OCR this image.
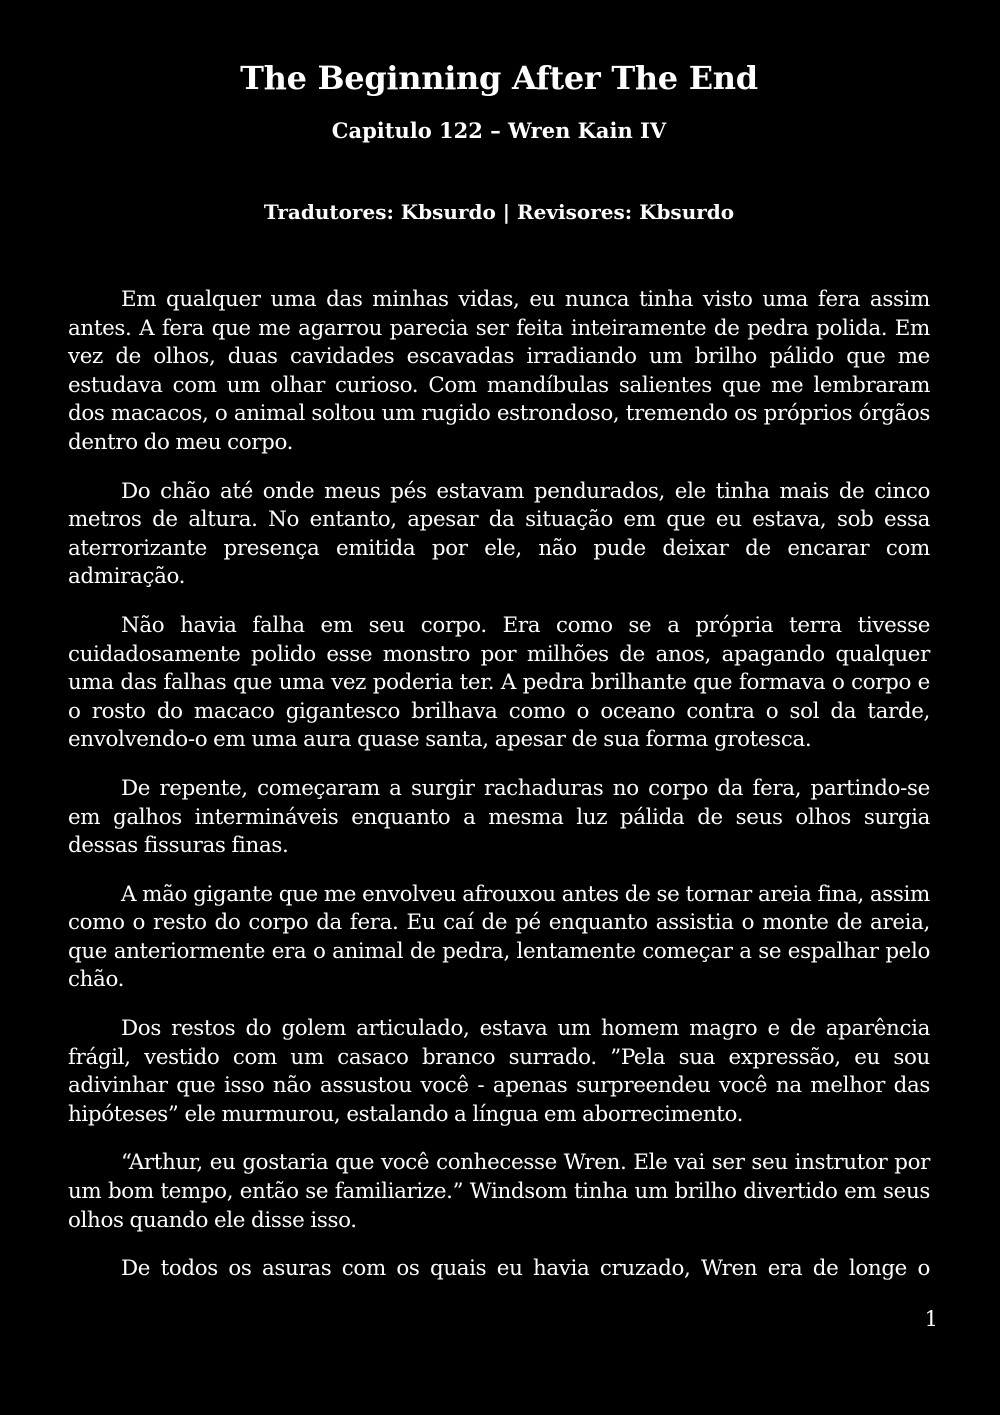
The Beginning After The End
Capitulo 122 – Wren Kain IV
Tradutores: Kbsurdo | Revisores: Kbsurdo

Em qualquer uma das minhas vidas, eu nunca tinha visto uma fera assim antes. A fera que me agarrou parecia ser feita inteiramente de pedra polida. Em vez de olhos, duas cavidades escavadas irradiando um brilho pálido que me estudava com um olhar curioso. Com mandíbulas salientes que me lembraram dos macacos, o animal soltou um rugido estrondoso, tremendo os próprios órgãos dentro do meu corpo.

Do chão até onde meus pés estavam pendurados, ele tinha mais de cinco metros de altura. No entanto, apesar da situação em que eu estava, sob essa aterrorizante presença emitida por ele, não pude deixar de encarar com admiração.

Não havia falha em seu corpo. Era como se a própria terra tivesse cuidadosamente polido esse monstro por milhões de anos, apagando qualquer uma das falhas que uma vez poderia ter. A pedra brilhante que formava o corpo e o rosto do macaco gigantesco brilhava como o oceano contra o sol da tarde, envolvendo-o em uma aura quase santa, apesar de sua forma grotesca.

De repente, começaram a surgir rachaduras no corpo da fera, partindo-se em galhos intermináveis enquanto a mesma luz pálida de seus olhos surgia dessas fissuras finas.

A mão gigante que me envolveu afrouxou antes de se tornar areia fina, assim como o resto do corpo da fera. Eu caí de pé enquanto assistia o monte de areia, que anteriormente era o animal de pedra, lentamente começar a se espalhar pelo chão.

Dos restos do golem articulado, estava um homem magro e de aparência frágil, vestido com um casaco branco surrado. ”Pela sua expressão, eu sou adivinhar que isso não assustou você - apenas surpreendeu você na melhor das hipóteses” ele murmurou, estalando a língua em aborrecimento.

“Arthur, eu gostaria que você conhecesse Wren. Ele vai ser seu instrutor por um bom tempo, então se familiarize.” Windsom tinha um brilho divertido em seus olhos quando ele disse isso.

De todos os asuras com os quais eu havia cruzado, Wren era de longe o

1
